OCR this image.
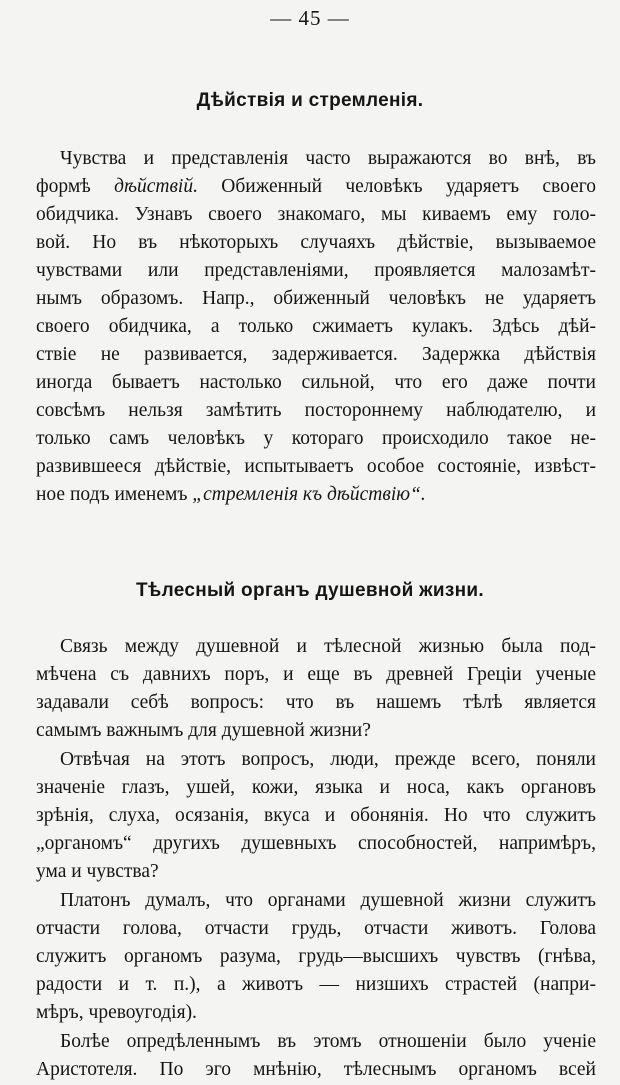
— 45 —
Дѣйствія и стремленія.
Чувства и представленія часто выражаются во внѣ, въ
формѣ дѣйствій. Обиженный человѣкъ ударяетъ своего
обидчика. Узнавъ своего знакомаго, мы киваемъ ему голо-
вой. Но въ нѣкоторыхъ случаяхъ дѣйствіе, вызываемое
чувствами или представленіями, проявляется малозамѣт-
нымъ образомъ. Напр., обиженный человѣкъ не ударяетъ
своего обидчика, а только сжимаетъ кулакъ. Здѣсь дѣй-
ствіе не развивается, задерживается. Задержка дѣйствія
иногда бываетъ настолько сильной, что его даже почти
совсѣмъ нельзя замѣтить постороннему наблюдателю, и
только самъ человѣкъ у котораго происходило такое не-
развившееся дѣйствіе, испытываетъ особое состояніе, извѣст-
ное подъ именемъ „стремленія къ дѣйствію“.
Тѣлесный органъ душевной жизни.
Связь между душевной и тѣлесной жизнью была под-
мѣчена съ давнихъ поръ, и еще въ древней Греціи ученые
задавали себѣ вопросъ: что въ нашемъ тѣлѣ является
самымъ важнымъ для душевной жизни?
Отвѣчая на этотъ вопросъ, люди, прежде всего, поняли
значеніе глазъ, ушей, кожи, языка и носа, какъ органовъ
зрѣнія, слуха, осязанія, вкуса и обонянія. Но что служитъ
„органомъ“ другихъ душевныхъ способностей, напримѣръ,
ума и чувства?
Платонъ думалъ, что органами душевной жизни служитъ
отчасти голова, отчасти грудь, отчасти животъ. Голова
служитъ органомъ разума, грудь—высшихъ чувствъ (гнѣва,
радости и т. п.), а животъ — низшихъ страстей (напри-
мѣръ, чревоугодія).
Болѣе опредѣленнымъ въ этомъ отношеніи было ученіе
Аристотеля. По эго мнѣнію, тѣлеснымъ органомъ всей
